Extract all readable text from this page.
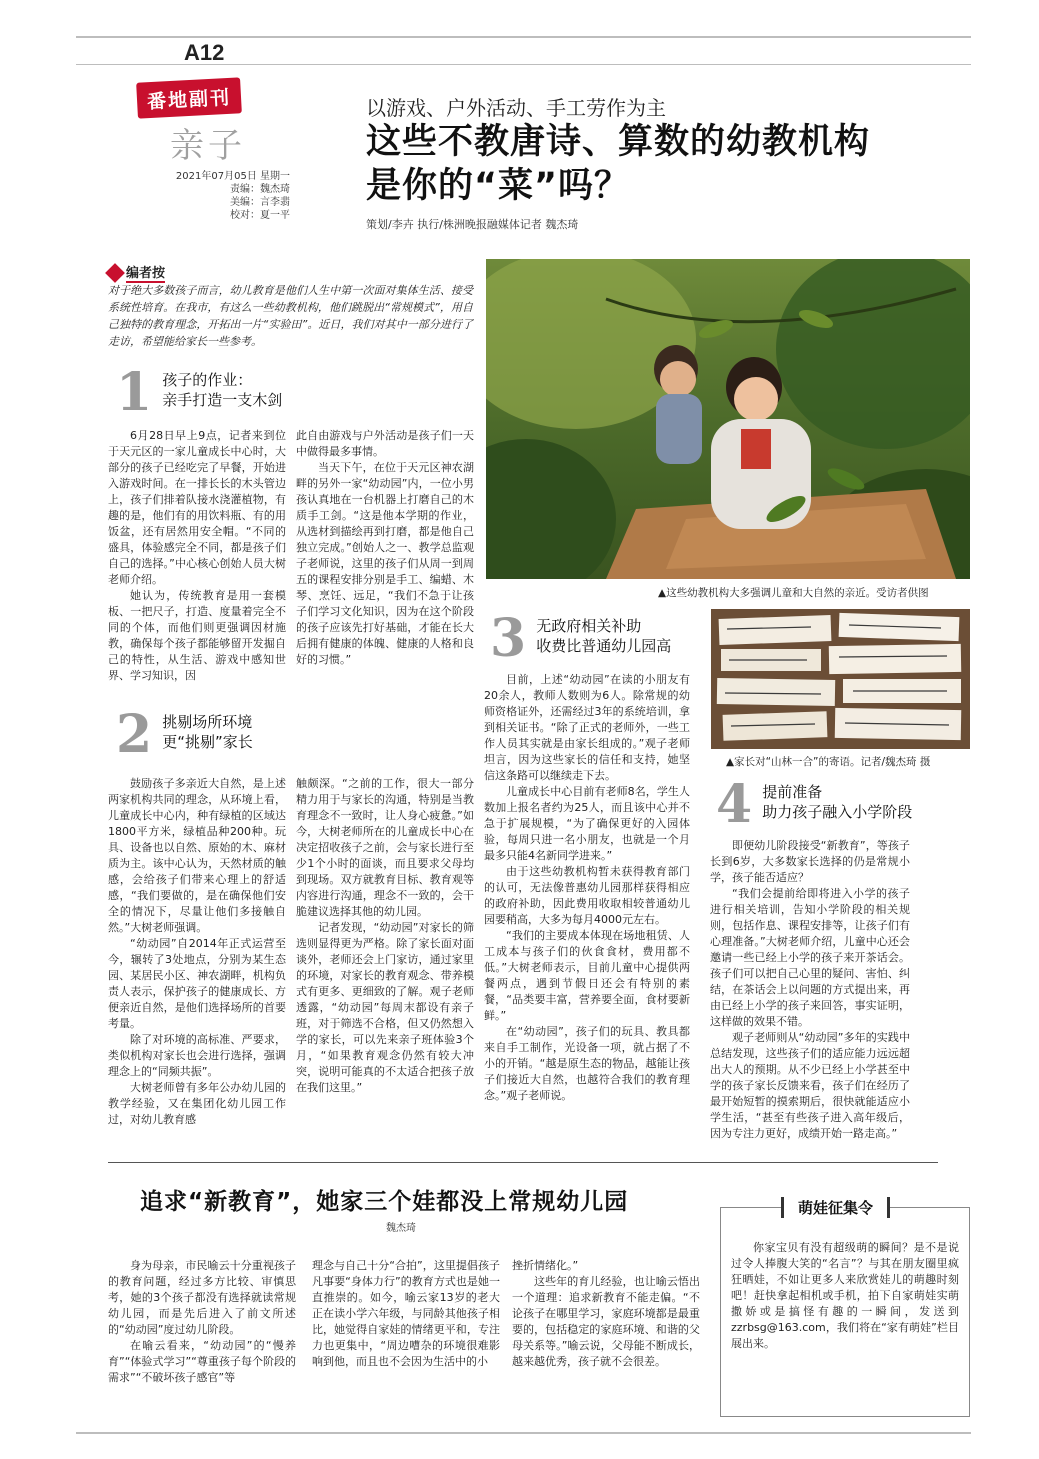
A12
番地副刊
亲子
2021年07月05日 星期一
责编：魏杰琦
美编：言李翡
校对：夏一平
以游戏、户外活动、手工劳作为主
这些不教唐诗、算数的幼教机构
是你的“菜”吗？
策划/李卉 执行/株洲晚报融媒体记者 魏杰琦
编者按
对于绝大多数孩子而言，幼儿教育是他们人生中第一次面对集体生活、接受系统性培育。在我市，有这么一些幼教机构，他们跳脱出“常规模式”，用自己独特的教育理念，开拓出一片“实验田”。近日，我们对其中一部分进行了走访，希望能给家长一些参考。
1 孩子的作业：
亲手打造一支木剑

6月28日早上9点，记者来到位于天元区的一家儿童成长中心时，大部分的孩子已经吃完了早餐，开始进入游戏时间。在一排长长的木头管边上，孩子们排着队接水浇灌植物，有趣的是，他们有的用饮料瓶、有的用饭盆，还有居然用安全帽。“不同的盛具，体验感完全不同，都是孩子们自己的选择。”中心核心创始人员大树老师介绍。

她认为，传统教育是用一套模板、一把尺子，打造、度量着完全不同的个体，而他们则更强调因材施教，确保每个孩子都能够留开发掘自己的特性，从生活、游戏中感知世界、学习知识，因

此自由游戏与户外活动是孩子们一天中做得最多事情。

当天下午，在位于天元区神农湖畔的另外一家“幼动园”内，一位小男孩认真地在一台机器上打磨自己的木质手工剑。“这是他本学期的作业，从选材到描绘再到打磨，都是他自己独立完成。”创始人之一、教学总监观子老师说，这里的孩子们从周一到周五的课程安排分别是手工、编蜡、木琴、烹饪、远足，“我们不急于让孩子们学习文化知识，因为在这个阶段的孩子应该先打好基础，才能在长大后拥有健康的体魄、健康的人格和良好的习惯。”

2 挑剔场所环境
更“挑剔”家长

鼓励孩子多亲近大自然，是上述两家机构共同的理念，从环境上看，儿童成长中心内，种有绿植的区域达1800平方米，绿植品种200种。玩具、设备也以自然、原始的木、麻材质为主。该中心认为，天然材质的触感，会给孩子们带来心理上的舒适感，“我们要做的，是在确保他们安全的情况下，尽量让他们多接触自然。”大树老师强调。

“幼动园”自2014年正式运营至今，辗转了3处地点，分别为某生态园、某居民小区、神农湖畔，机构负责人表示，保护孩子的健康成长、方便亲近自然，是他们选择场所的首要考量。

除了对环境的高标准、严要求，类似机构对家长也会进行选择，强调理念上的“同频共振”。

大树老师曾有多年公办幼儿园的教学经验，又在集团化幼儿园工作过，对幼儿教育感

触颇深。“之前的工作，很大一部分精力用于与家长的沟通，特别是当教育理念不一致时，让人身心疲惫。”如今，大树老师所在的儿童成长中心在决定招收孩子之前，会与家长进行至少1个小时的面谈，而且要求父母均到现场。双方就教育目标、教育观等内容进行沟通，理念不一致的，会干脆建议选择其他的幼儿园。

记者发现，“幼动园”对家长的筛选则显得更为严格。除了家长面对面谈外，老师还会上门家访，通过家里的环境，对家长的教育观念、带养模式有更多、更细致的了解。观子老师透露，“幼动园”每周末都设有亲子班，对于筛选不合格，但又仍然想入学的家长，可以先来亲子班体验3个月，“如果教育观念仍然有较大冲突，说明可能真的不太适合把孩子放在我们这里。”

▲这些幼教机构大多强调儿童和大自然的亲近。受访者供图
3 无政府相关补助
收费比普通幼儿园高

目前，上述“幼动园”在读的小朋友有20余人，教师人数则为6人。除常规的幼师资格证外，还需经过3年的系统培训，拿到相关证书。“除了正式的老师外，一些工作人员其实就是由家长组成的。”观子老师坦言，因为这些家长的信任和支持，她坚信这条路可以继续走下去。

儿童成长中心目前有老师8名，学生人数加上报名者约为25人，而且该中心并不急于扩展规模，“为了确保更好的入园体验，每周只进一名小朋友，也就是一个月最多只能4名新同学进来。”

由于这些幼教机构暂未获得教育部门的认可，无法像普惠幼儿园那样获得相应的政府补助，因此费用收取相较普通幼儿园要稍高，大多为每月4000元左右。

“我们的主要成本体现在场地租赁、人工成本与孩子们的伙食食材，费用都不低。”大树老师表示，目前儿童中心提供两餐两点，遇到节假日还会有特别的素餐，“品类要丰富，营养要全面，食材要新鲜。”

在“幼动园”，孩子们的玩具、教具都来自手工制作，光设备一项，就占据了不小的开销。“越是原生态的物品，越能让孩子们接近大自然，也越符合我们的教育理念。”观子老师说。

▲家长对“山林一合”的寄语。记者/魏杰琦 摄
4 提前准备
助力孩子融入小学阶段

即便幼儿阶段接受“新教育”，等孩子长到6岁，大多数家长选择的仍是常规小学，孩子能否适应？

“我们会提前给即将进入小学的孩子进行相关培训，告知小学阶段的相关规则，包括作息、课程安排等，让孩子们有心理准备。”大树老师介绍，儿童中心还会邀请一些已经上小学的孩子来开茶话会。孩子们可以把自己心里的疑问、害怕、纠结，在茶话会上以问题的方式提出来，再由已经上小学的孩子来回答，事实证明，这样做的效果不错。

观子老师则从“幼动园”多年的实践中总结发现，这些孩子们的适应能力远远超出大人的预期。从不少已经上小学甚至中学的孩子家长反馈来看，孩子们在经历了最开始短暂的摸索期后，很快就能适应小学生活，“甚至有些孩子进入高年级后，因为专注力更好，成绩开始一路走高。”

追求“新教育”，她家三个娃都没上常规幼儿园
魏杰琦

身为母亲，市民喻云十分重视孩子的教育问题，经过多方比较、审慎思考，她的3个孩子都没有选择就读常规幼儿园，而是先后进入了前文所述的“幼动园”度过幼儿阶段。

在喻云看来，“幼动园”的“慢养育”“体验式学习”“尊重孩子每个阶段的需求”“不破坏孩子感官”等

理念与自己十分“合拍”，这里提倡孩子凡事要“身体力行”的教育方式也是她一直推崇的。如今，喻云家13岁的老大正在读小学六年级，与同龄其他孩子相比，她觉得自家娃的情绪更平和，专注力也更集中，“周边嘈杂的环境很难影响到他，而且也不会因为生活中的小

挫折情绪化。”

这些年的育儿经验，也让喻云悟出一个道理：追求新教育不能走偏。“不论孩子在哪里学习，家庭环境都是最重要的，包括稳定的家庭环境、和谐的父母关系等。”喻云说，父母能不断成长，越来越优秀，孩子就不会很差。

萌娃征集令

你家宝贝有没有超级萌的瞬间？是不是说过令人捧腹大笑的“名言”？与其在朋友圈里疯狂晒娃，不如让更多人来欣赏娃儿的萌趣时刻吧！赶快拿起相机或手机，拍下自家萌娃实萌撒娇或是搞怪有趣的一瞬间，发送到zzrbsg@163.com，我们将在“家有萌娃”栏目展出来。
